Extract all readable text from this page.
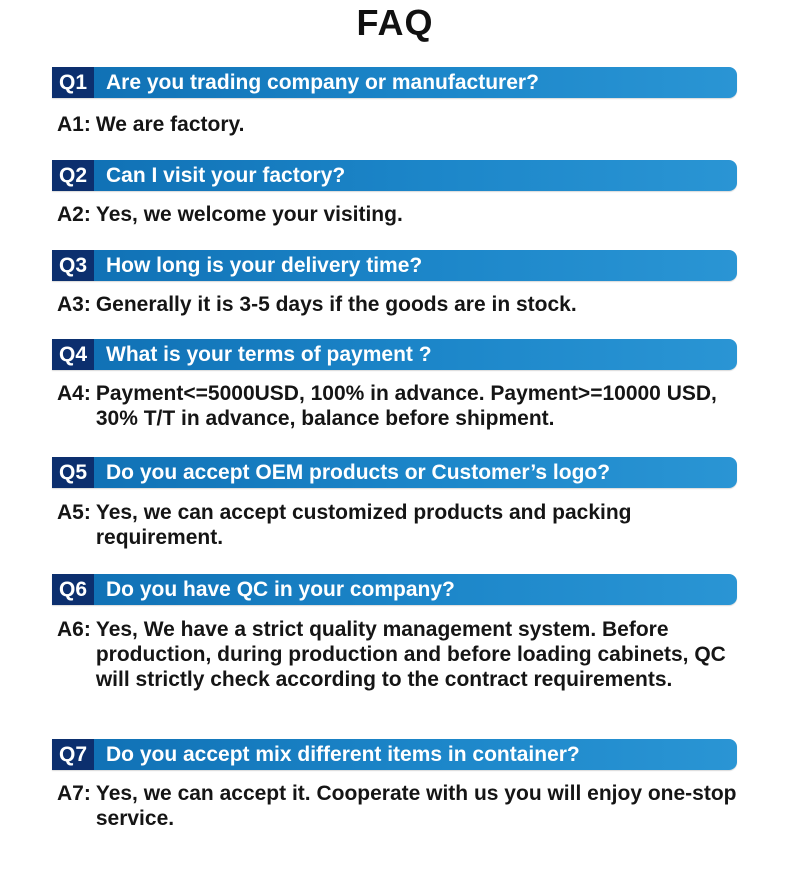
FAQ
Q1 Are you trading company or manufacturer?
A1: We are factory.
Q2 Can I visit your factory?
A2: Yes, we welcome your visiting.
Q3 How long is your delivery time?
A3: Generally it is 3-5 days if the goods are in stock.
Q4 What is your terms of payment ?
A4: Payment<=5000USD, 100% in advance. Payment>=10000 USD, 30% T/T in advance, balance before shipment.
Q5 Do you accept OEM products or Customer’s logo?
A5: Yes, we can accept customized products and packing requirement.
Q6 Do you have QC in your company?
A6: Yes, We have a strict quality management system. Before production, during production and before loading cabinets, QC will strictly check according to the contract requirements.
Q7 Do you accept mix different items in container?
A7: Yes, we can accept it. Cooperate with us you will enjoy one-stop service.
